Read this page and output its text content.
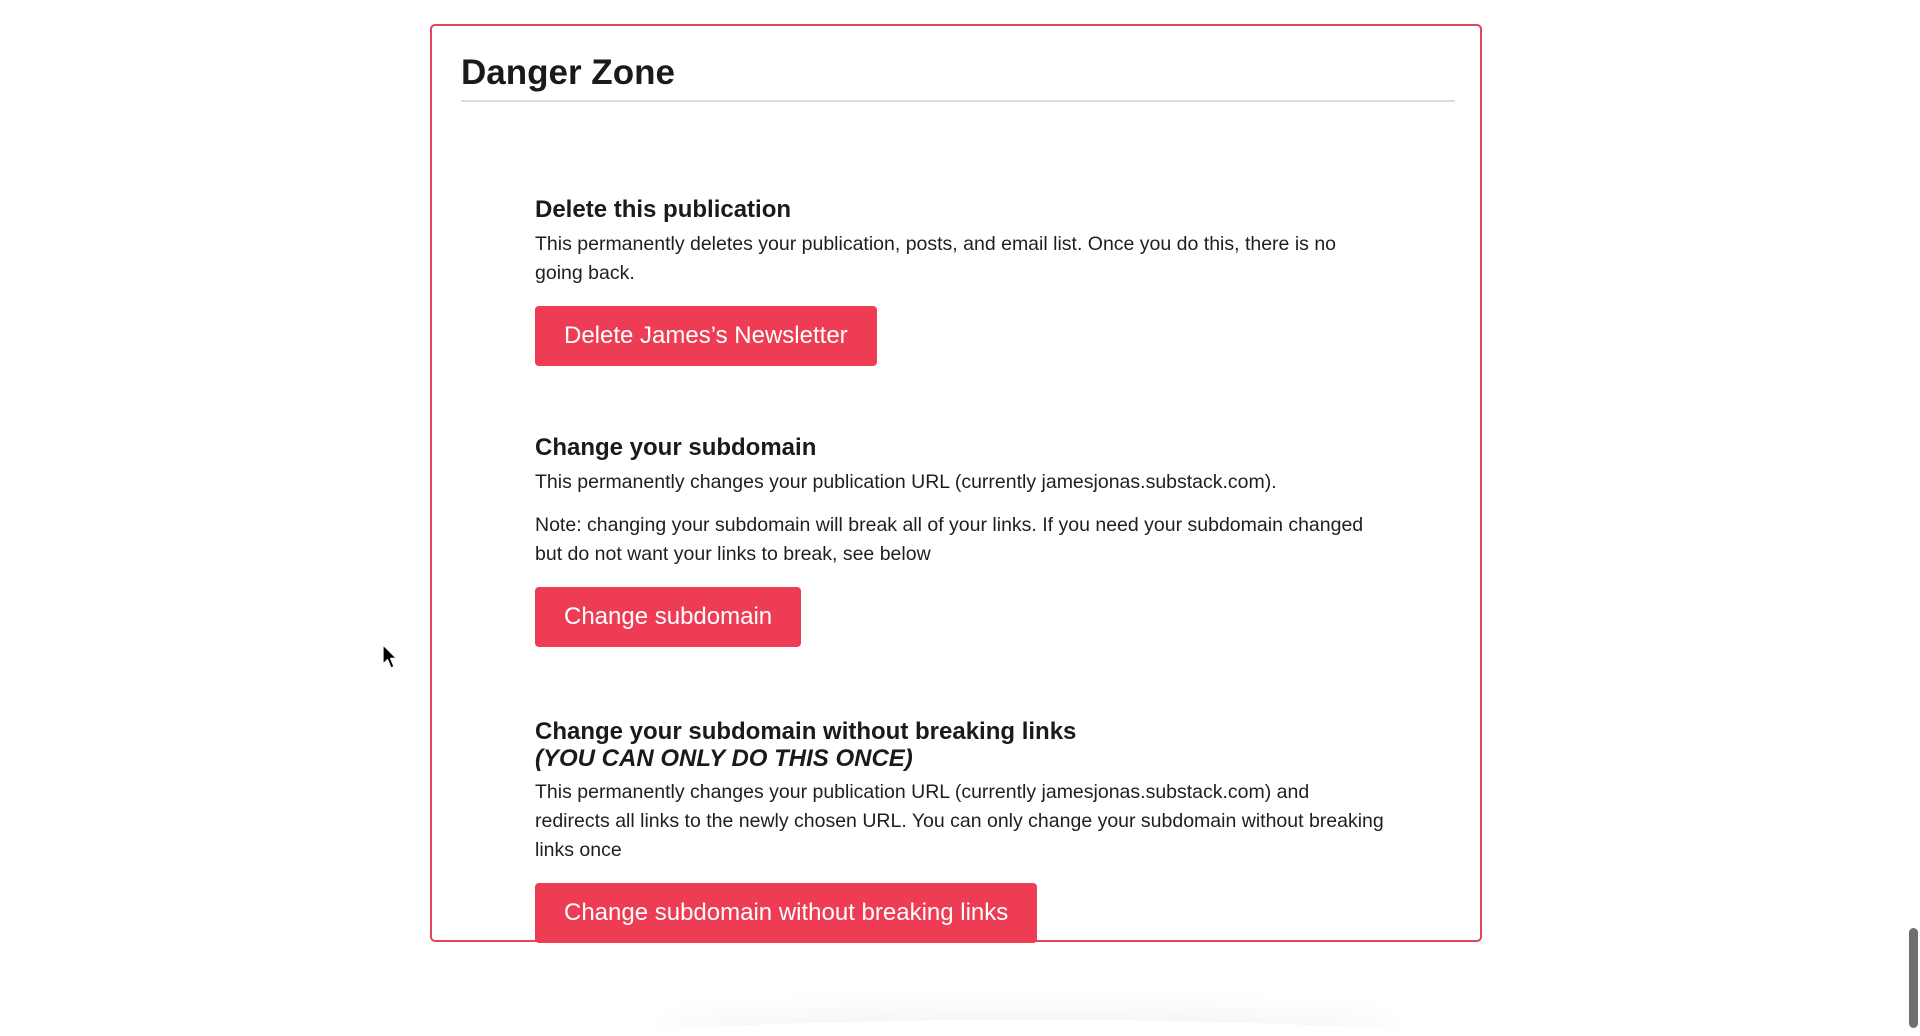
Danger Zone
Delete this publication

This permanently deletes your publication, posts, and email list. Once you do this, there is no going back.

Delete James’s Newsletter
Change your subdomain

This permanently changes your publication URL (currently jamesjonas.substack.com).

Note: changing your subdomain will break all of your links. If you need your subdomain changed but do not want your links to break, see below

Change subdomain
Change your subdomain without breaking links
(YOU CAN ONLY DO THIS ONCE)

This permanently changes your publication URL (currently jamesjonas.substack.com) and redirects all links to the newly chosen URL. You can only change your subdomain without breaking links once

Change subdomain without breaking links
